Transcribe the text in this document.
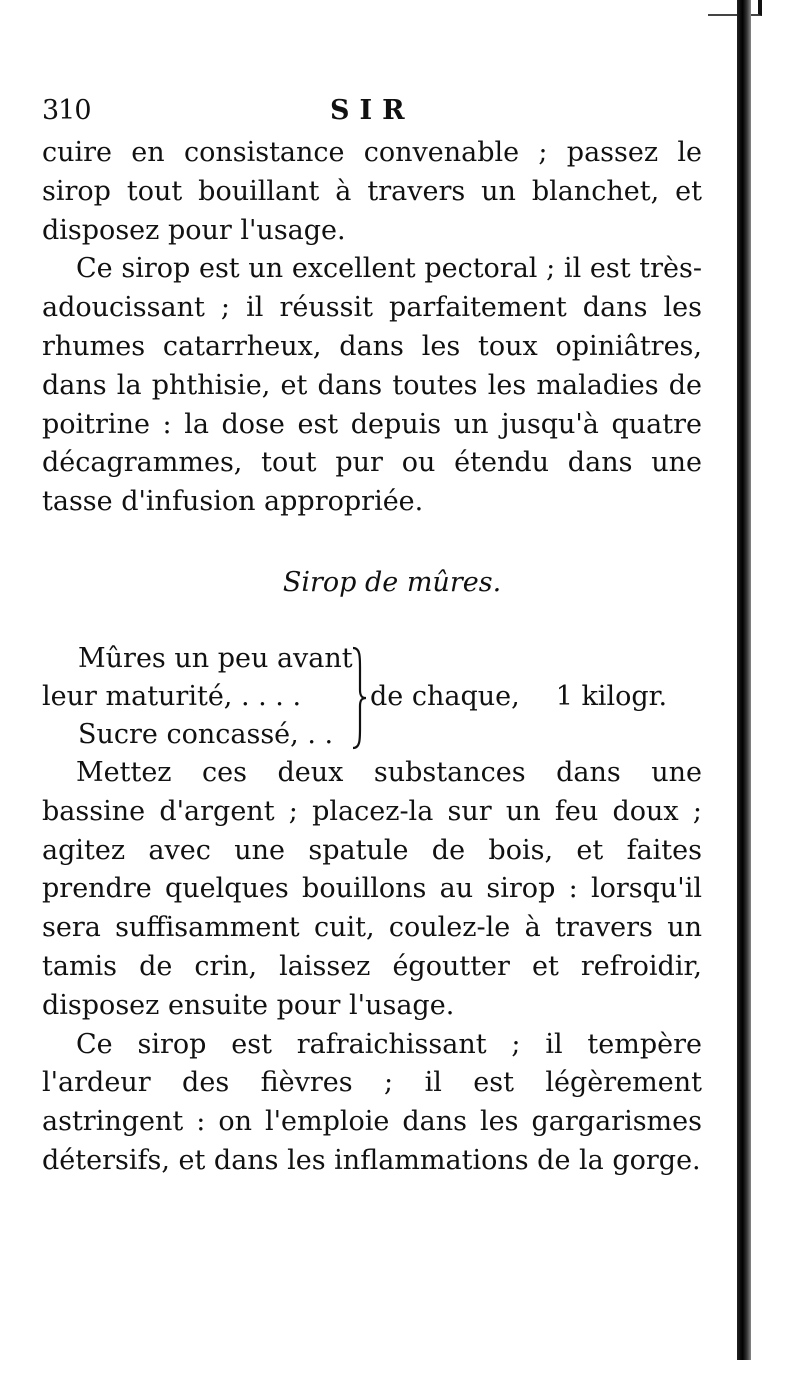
310	SIR

cuire en consistance convenable ; passez le sirop tout bouillant à travers un blanchet, et disposez pour l'usage.

Ce sirop est un excellent pectoral ; il est très-adoucissant ; il réussit parfaitement dans les rhumes catarrheux, dans les toux opiniâtres, dans la phthisie, et dans toutes les maladies de poitrine : la dose est depuis un jusqu'à quatre décagrammes, tout pur ou étendu dans une tasse d'infusion appropriée.

Sirop de mûres.
Mûres un peu avant
leur maturité, . . . .
Sucre concassé, . .
de chaque, 1 kilogr.

Mettez ces deux substances dans une bassine d'argent ; placez-la sur un feu doux ; agitez avec une spatule de bois, et faites prendre quelques bouillons au sirop : lorsqu'il sera suffisamment cuit, coulez-le à travers un tamis de crin, laissez égoutter et refroidir, disposez ensuite pour l'usage.

Ce sirop est rafraichissant ; il tempère l'ardeur des fièvres ; il est légèrement astringent : on l'emploie dans les gargarismes détersifs, et dans les inflammations de la gorge.
